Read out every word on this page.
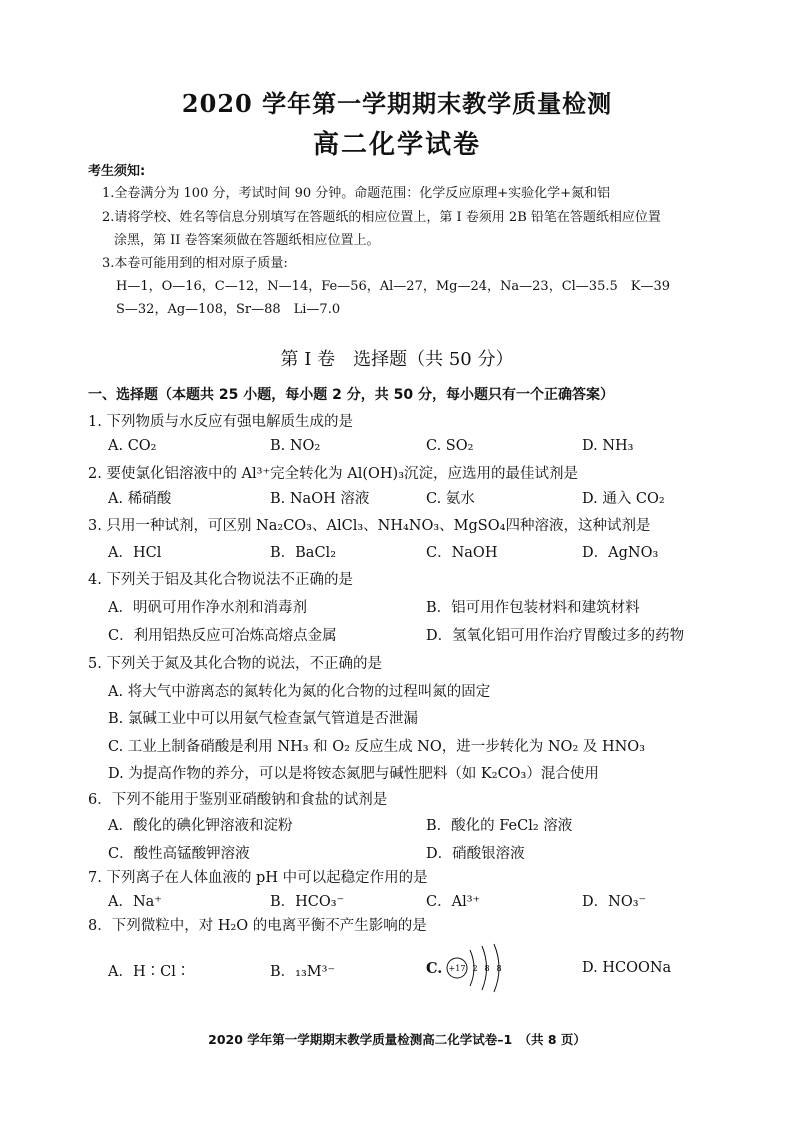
2020 学年第一学期期末教学质量检测
高二化学试卷
考生须知:
1.全卷满分为 100 分，考试时间 90 分钟。命题范围：化学反应原理+实验化学+氮和铝
2.请将学校、姓名等信息分别填写在答题纸的相应位置上，第 I 卷须用 2B 铅笔在答题纸相应位置
涂黑，第 II 卷答案须做在答题纸相应位置上。
3.本卷可能用到的相对原子质量:
H—1，O—16，C—12，N—14，Fe—56，Al—27，Mg—24，Na—23，Cl—35.5　K—39
S—32，Ag—108，Sr—88　Li—7.0
第 I 卷　选择题（共 50 分）
一、选择题（本题共 25 小题，每小题 2 分，共 50 分，每小题只有一个正确答案）
1. 下列物质与水反应有强电解质生成的是
A. CO₂	B. NO₂	C. SO₂	D. NH₃
2. 要使氯化铝溶液中的 Al³⁺完全转化为 Al(OH)₃沉淀，应选用的最佳试剂是
A. 稀硝酸	B. NaOH 溶液	C. 氨水	D. 通入 CO₂
3. 只用一种试剂，可区别 Na₂CO₃、AlCl₃、NH₄NO₃、MgSO₄四种溶液，这种试剂是
A．HCl	B．BaCl₂	C．NaOH	D．AgNO₃
4. 下列关于铝及其化合物说法不正确的是
A．明矾可用作净水剂和消毒剂	B．铝可用作包装材料和建筑材料
C．利用铝热反应可冶炼高熔点金属	D．氢氧化铝可用作治疗胃酸过多的药物
5. 下列关于氮及其化合物的说法，不正确的是
A. 将大气中游离态的氮转化为氮的化合物的过程叫氮的固定
B. 氯碱工业中可以用氨气检查氯气管道是否泄漏
C. 工业上制备硝酸是利用 NH₃ 和 O₂ 反应生成 NO，进一步转化为 NO₂ 及 HNO₃
D. 为提高作物的养分，可以是将铵态氮肥与碱性肥料（如 K₂CO₃）混合使用
6．下列不能用于鉴别亚硝酸钠和食盐的试剂是
A．酸化的碘化钾溶液和淀粉	B．酸化的 FeCl₂ 溶液
C．酸性高锰酸钾溶液	D．硝酸银溶液
7. 下列离子在人体血液的 pH 中可以起稳定作用的是
A．Na⁺	B．HCO₃⁻	C．Al³⁺	D．NO₃⁻
8．下列微粒中，对 H₂O 的电离平衡不产生影响的是
A．H∶Cl∶	B．₁₃M³⁻	C.	D. HCOONa
+17 2 8 8
2020 学年第一学期期末教学质量检测高二化学试卷–1　（共 8 页）
